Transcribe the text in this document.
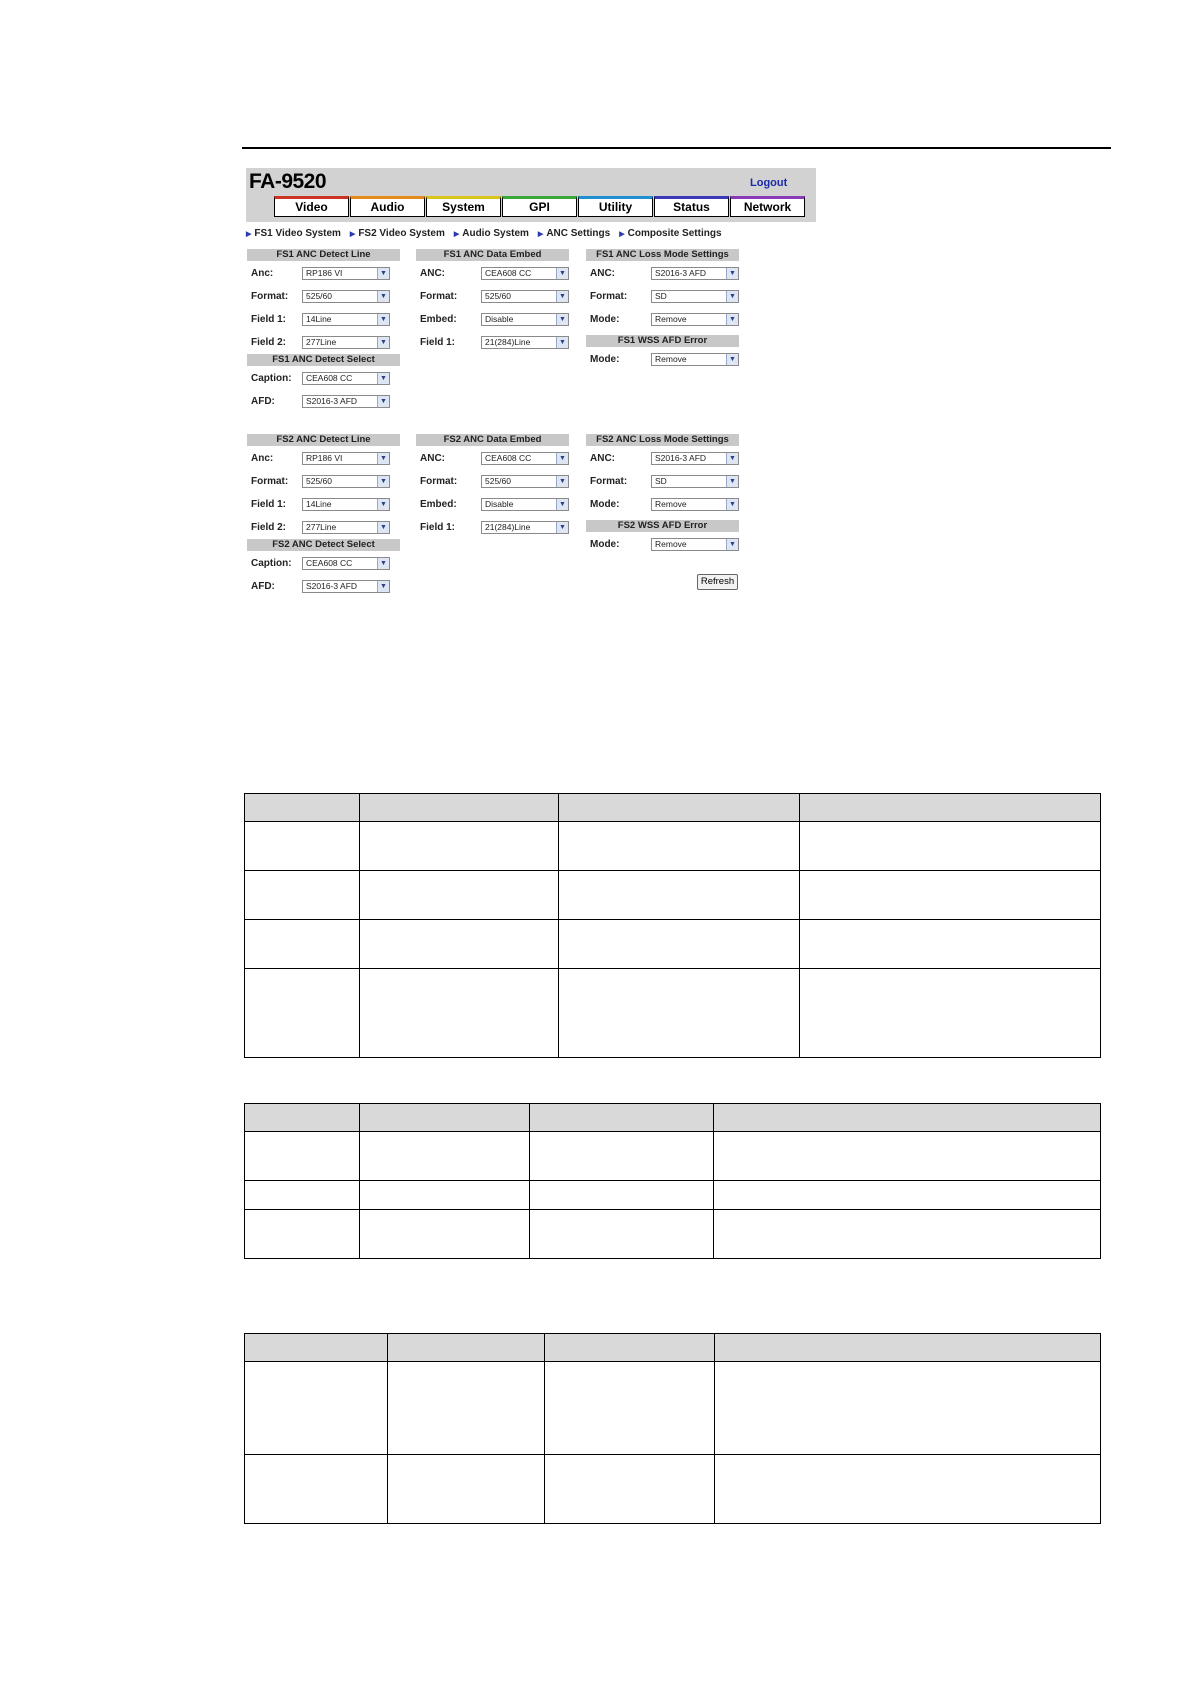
FA-9520	Logout
Video	Audio	System	GPI	Utility	Status	Network
▶ FS1 Video System ▶ FS2 Video System ▶ Audio System ▶ ANC Settings ▶ Composite Settings
FS1 ANC Detect Line
Anc:	RP186 VI	▼
Format:	525/60	▼
Field 1:	14Line	▼
Field 2:	277Line	▼
FS1 ANC Detect Select
Caption:	CEA608 CC	▼
AFD:	S2016-3 AFD	▼
FS1 ANC Data Embed
ANC:	CEA608 CC	▼
Format:	525/60	▼
Embed:	Disable	▼
Field 1:	21(284)Line	▼
FS1 ANC Loss Mode Settings
ANC:	S2016-3 AFD	▼
Format:	SD	▼
Mode:	Remove	▼
FS1 WSS AFD Error
Mode:	Remove	▼
FS2 ANC Detect Line
Anc:	RP186 VI	▼
Format:	525/60	▼
Field 1:	14Line	▼
Field 2:	277Line	▼
FS2 ANC Detect Select
Caption:	CEA608 CC	▼
AFD:	S2016-3 AFD	▼
FS2 ANC Data Embed
ANC:	CEA608 CC	▼
Format:	525/60	▼
Embed:	Disable	▼
Field 1:	21(284)Line	▼
FS2 ANC Loss Mode Settings
ANC:	S2016-3 AFD	▼
Format:	SD	▼
Mode:	Remove	▼
FS2 WSS AFD Error
Mode:	Remove	▼
Refresh
